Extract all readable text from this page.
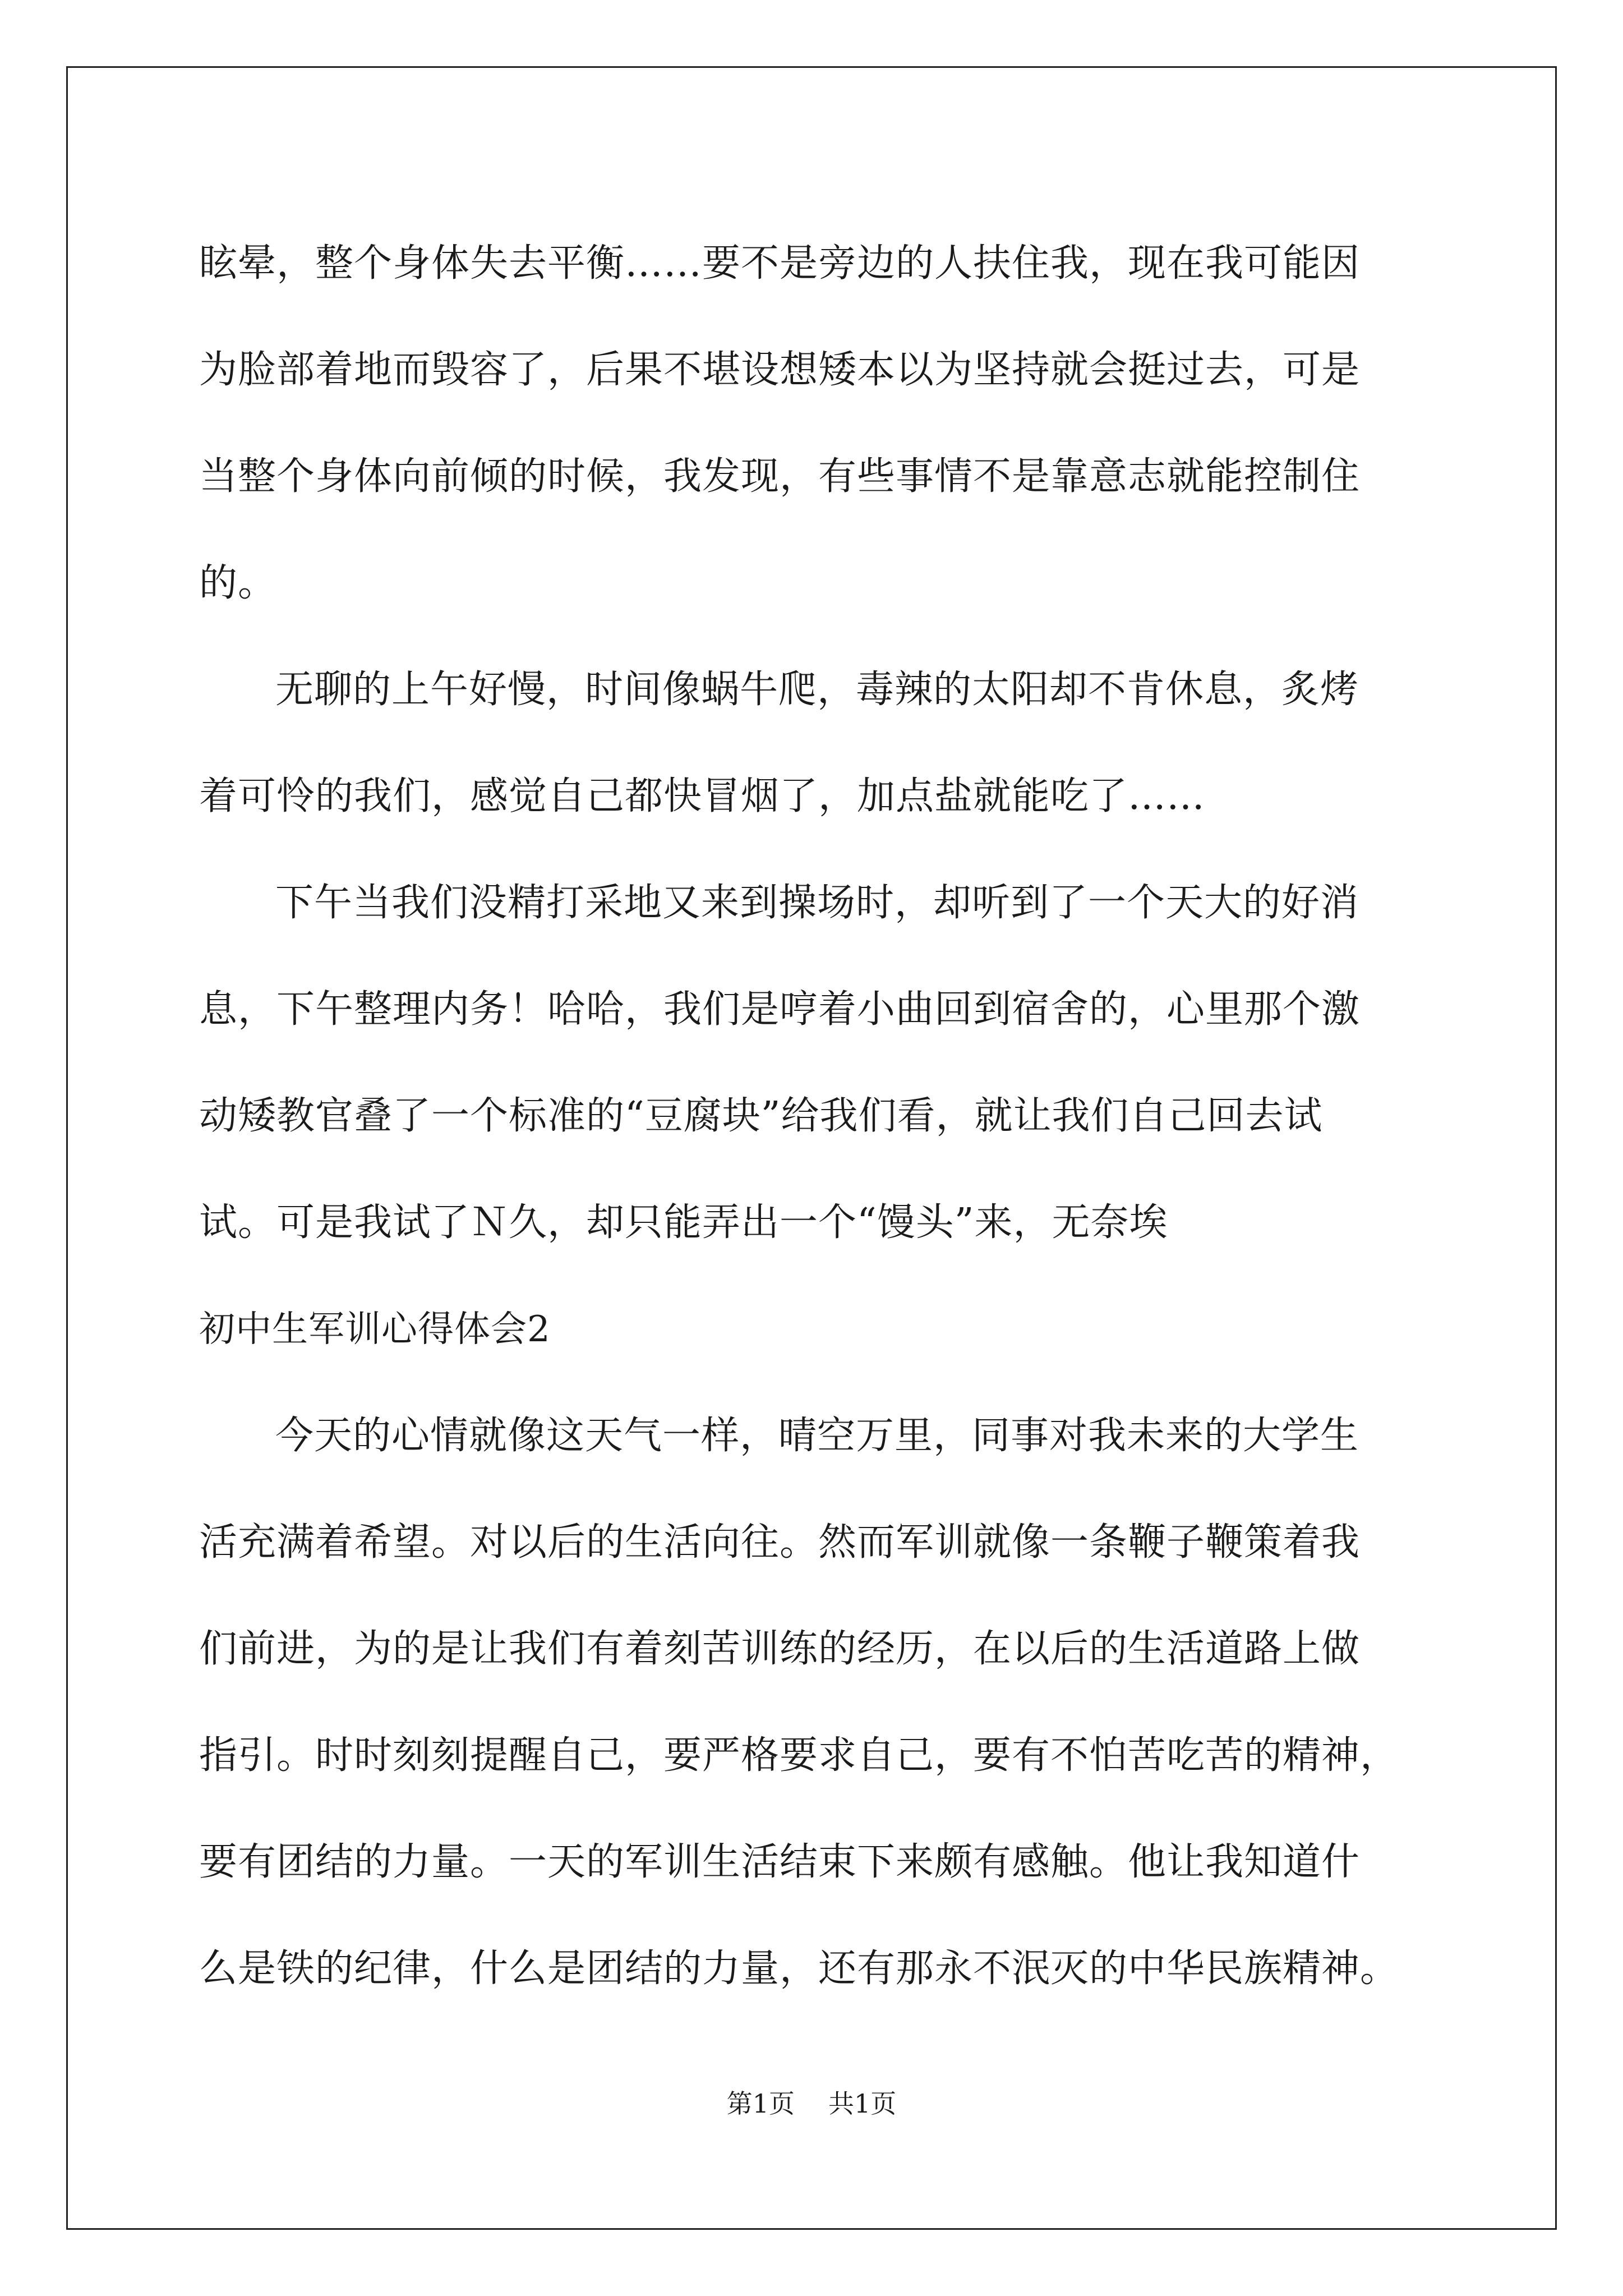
眩晕，整个身体失去平衡……要不是旁边的人扶住我，现在我可能因
为脸部着地而毁容了，后果不堪设想矮本以为坚持就会挺过去，可是
当整个身体向前倾的时候，我发现，有些事情不是靠意志就能控制住
的。
无聊的上午好慢，时间像蜗牛爬，毒辣的太阳却不肯休息，炙烤
着可怜的我们，感觉自己都快冒烟了，加点盐就能吃了……
下午当我们没精打采地又来到操场时，却听到了一个天大的好消
息，下午整理内务！哈哈，我们是哼着小曲回到宿舍的，心里那个激
动矮教官叠了一个标准的“豆腐块”给我们看，就让我们自己回去试
试。可是我试了Ｎ久，却只能弄出一个“馒头”来，无奈埃
初中生军训心得体会2
今天的心情就像这天气一样，晴空万里，同事对我未来的大学生
活充满着希望。对以后的生活向往。然而军训就像一条鞭子鞭策着我
们前进，为的是让我们有着刻苦训练的经历，在以后的生活道路上做
指引。时时刻刻提醒自己，要严格要求自己，要有不怕苦吃苦的精神，
要有团结的力量。一天的军训生活结束下来颇有感触。他让我知道什
么是铁的纪律，什么是团结的力量，还有那永不泯灭的中华民族精神。
第1页 共1页
